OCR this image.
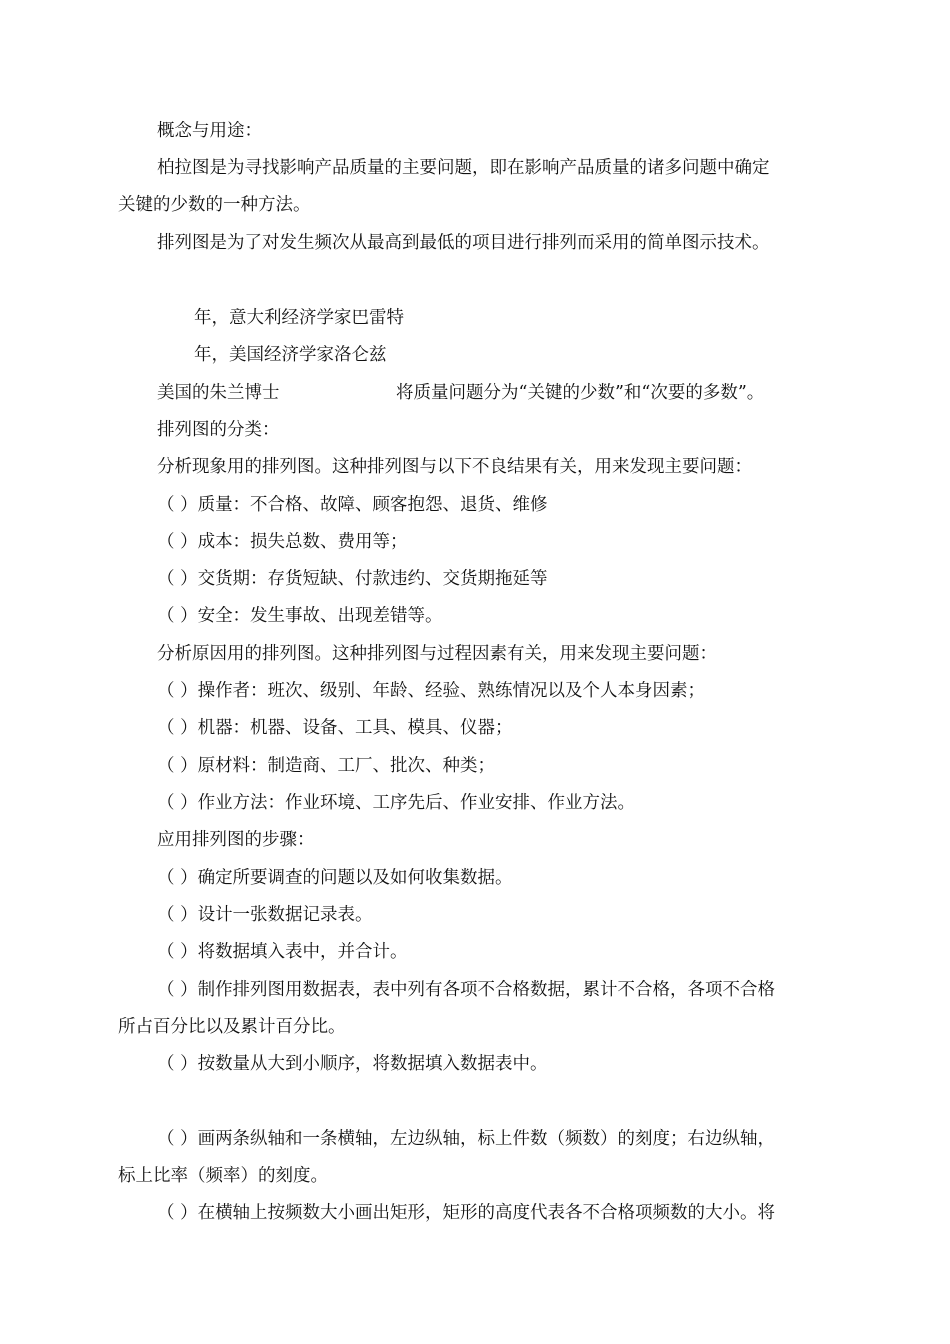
概念与用途：
柏拉图是为寻找影响产品质量的主要问题，即在影响产品质量的诸多问题中确定
关键的少数的一种方法。
排列图是为了对发生频次从最高到最低的项目进行排列而采用的简单图示技术。
年，意大利经济学家巴雷特
年，美国经济学家洛仑兹
美国的朱兰博士	将质量问题分为“关键的少数”和“次要的多数”。
排列图的分类：
分析现象用的排列图。这种排列图与以下不良结果有关，用来发现主要问题：
（ ）质量：不合格、故障、顾客抱怨、退货、维修
（ ）成本：损失总数、费用等；
（ ）交货期：存货短缺、付款违约、交货期拖延等
（ ）安全：发生事故、出现差错等。
分析原因用的排列图。这种排列图与过程因素有关，用来发现主要问题：
（ ）操作者：班次、级别、年龄、经验、熟练情况以及个人本身因素；
（ ）机器：机器、设备、工具、模具、仪器；
（ ）原材料：制造商、工厂、批次、种类；
（ ）作业方法：作业环境、工序先后、作业安排、作业方法。
应用排列图的步骤：
（ ）确定所要调查的问题以及如何收集数据。
（ ）设计一张数据记录表。
（ ）将数据填入表中，并合计。
（ ）制作排列图用数据表，表中列有各项不合格数据，累计不合格，各项不合格
所占百分比以及累计百分比。
（ ）按数量从大到小顺序，将数据填入数据表中。
（ ）画两条纵轴和一条横轴，左边纵轴，标上件数（频数）的刻度；右边纵轴，
标上比率（频率）的刻度。
（ ）在横轴上按频数大小画出矩形，矩形的高度代表各不合格项频数的大小。将
